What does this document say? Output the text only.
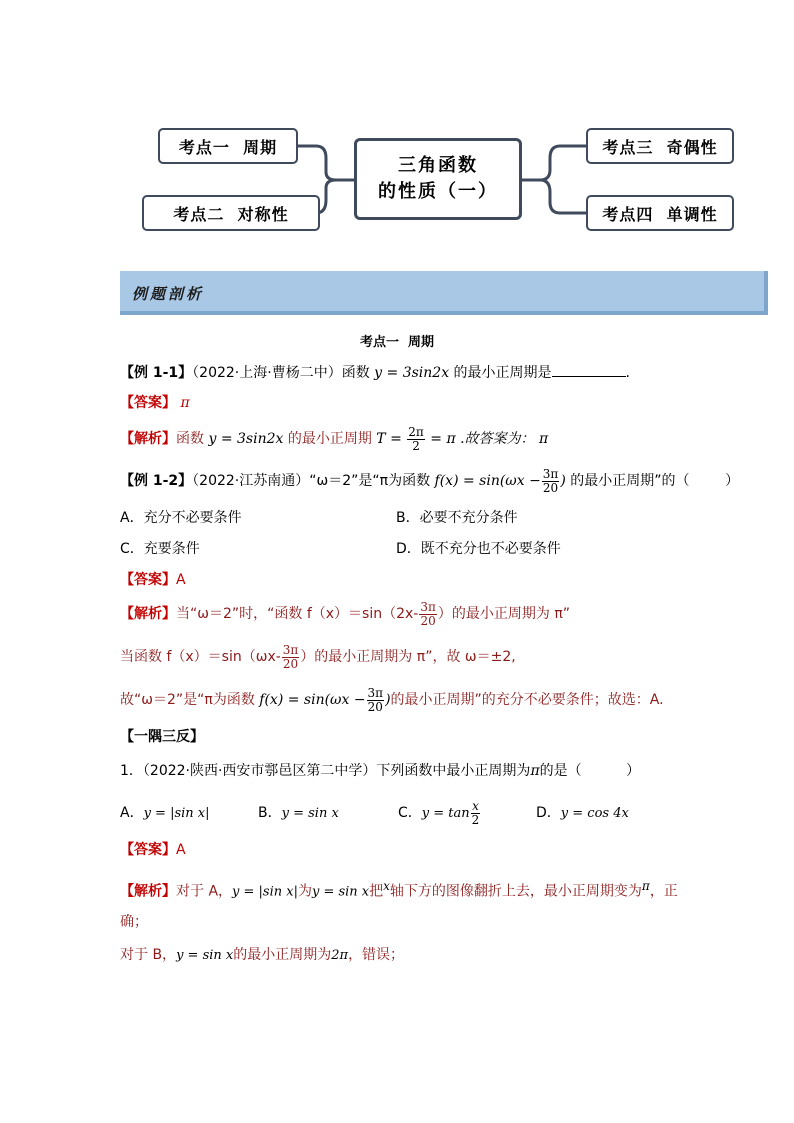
考点一  周期
考点二  对称性
三角函数
的性质（一）
考点三  奇偶性
考点四  单调性
例题剖析
考点一  周期
【例 1-1】（2022·上海·曹杨二中）函数 y = 3sin2x 的最小正周期是	.
【答案】 π
【解析】函数 y = 3sin2x 的最小正周期 $T = \frac{2\pi}{2} = \pi$ .故答案为： π
【例 1-2】（2022·江苏南通）“ω＝2”是“π为函数 $f(x) = \sin(\omega x - \frac{3\pi}{20}$ ) 的最小正周期”的（        ）
A．充分不必要条件	B．必要不充分条件
C．充要条件	D．既不充分也不必要条件
【答案】A
【解析】当“ω＝2”时，“函数 $f(x)=\sin(2x- \frac{3\pi}{20}$ ）的最小正周期为 π”
当函数 $f(x)=\sin(\omega x- \frac{3\pi}{20}$ ）的最小正周期为 π”，故 ω＝±2,
故“ω＝2”是“π为函数 $f(x) = \sin(\omega x - \frac{3\pi}{20}$ )的最小正周期”的充分不必要条件；故选：A.
【一隅三反】
1．（2022·陕西·西安市鄠邑区第二中学）下列函数中最小正周期为π的是（          ）
A．y = |sin x|	B．y = sin x	C．$y = \tan \frac{x}{2}$	D．y = cos 4x
【答案】A
【解析】对于 A，y = |sin x|为y = sin x把x轴下方的图像翻折上去，最小正周期变为π，正
确；
对于 B，y = sin x的最小正周期为2π，错误；
